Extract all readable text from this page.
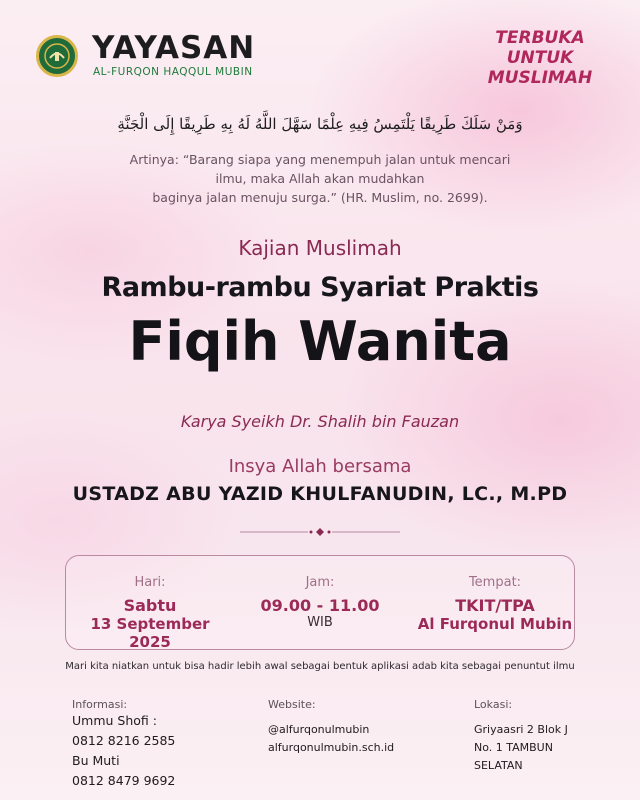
YAYASAN
AL-FURQON HAQQUL MUBIN
TERBUKA
UNTUK
MUSLIMAH
وَمَنْ سَلَكَ طَرِيقًا يَلْتَمِسُ فِيهِ عِلْمًا سَهَّلَ اللَّهُ لَهُ بِهِ طَرِيقًا إِلَى الْجَنَّةِ
Artinya: “Barang siapa yang menempuh jalan untuk mencari
ilmu, maka Allah akan mudahkan
baginya jalan menuju surga.” (HR. Muslim, no. 2699).
Kajian Muslimah
Rambu-rambu Syariat Praktis
Fiqih Wanita
Karya Syeikh Dr. Shalih bin Fauzan
Insya Allah bersama
USTADZ ABU YAZID KHULFANUDIN, LC., M.PD
Hari:
Sabtu
13 September 2025
Jam:
09.00 - 11.00
WIB
Tempat:
TKIT/TPA
Al Furqonul Mubin
Mari kita niatkan untuk bisa hadir lebih awal sebagai bentuk aplikasi adab kita sebagai penuntut ilmu
Informasi:
Ummu Shofi :
0812 8216 2585
Bu Muti
0812 8479 9692
Website:
@alfurqonulmubin
alfurqonulmubin.sch.id
Lokasi:
Griyaasri 2 Blok J
No. 1 TAMBUN
SELATAN
